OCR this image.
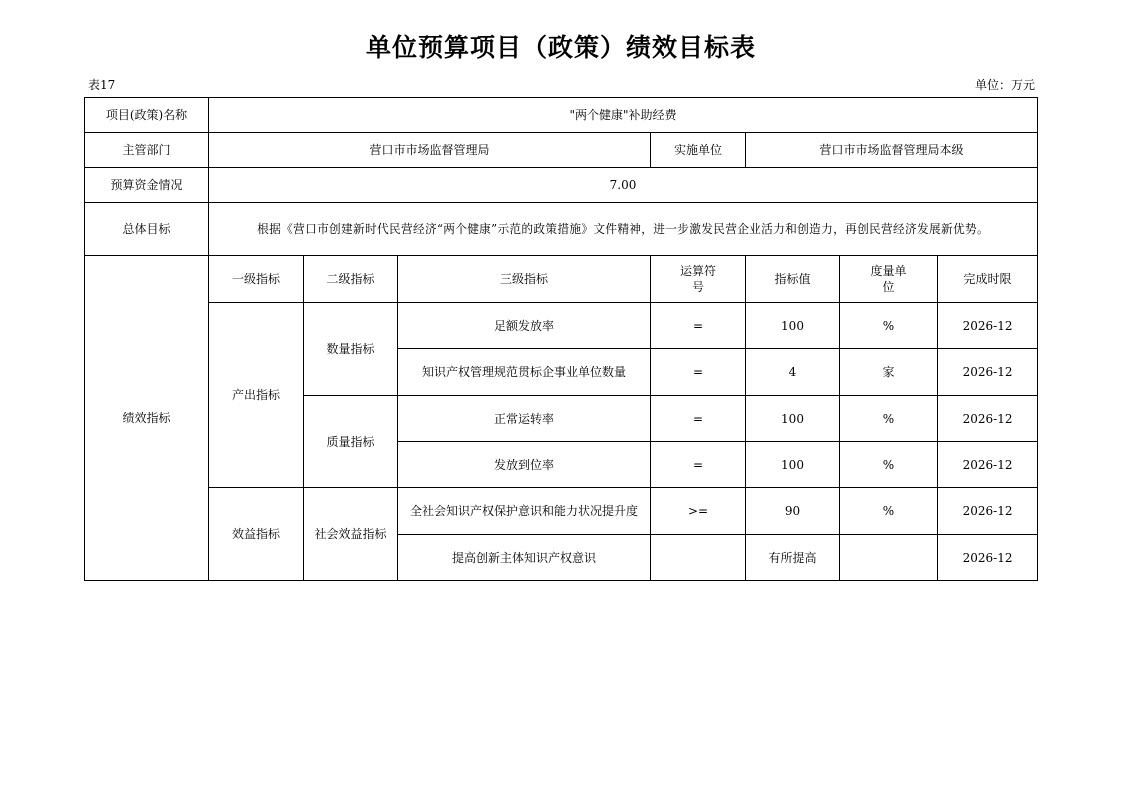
单位预算项目（政策）绩效目标表
表17	单位：万元
项目(政策)名称	"两个健康"补助经费						
主管部门	营口市市场监督管理局			实施单位	营口市市场监督管理局本级		
预算资金情况	7.00						
总体目标	根据《营口市创建新时代民营经济“两个健康”示范的政策措施》文件精神，进一步激发民营企业活力和创造力，再创民营经济发展新优势。						
绩效指标	一级指标	二级指标	三级指标	运算符号	指标值	度量单位	完成时限
	产出指标	数量指标	足额发放率	=	100	%	2026-12
			知识产权管理规范贯标企事业单位数量	=	4	家	2026-12
		质量指标	正常运转率	=	100	%	2026-12
			发放到位率	=	100	%	2026-12
	效益指标	社会效益指标	全社会知识产权保护意识和能力状况提升度	>=	90	%	2026-12
			提高创新主体知识产权意识		有所提高		2026-12
